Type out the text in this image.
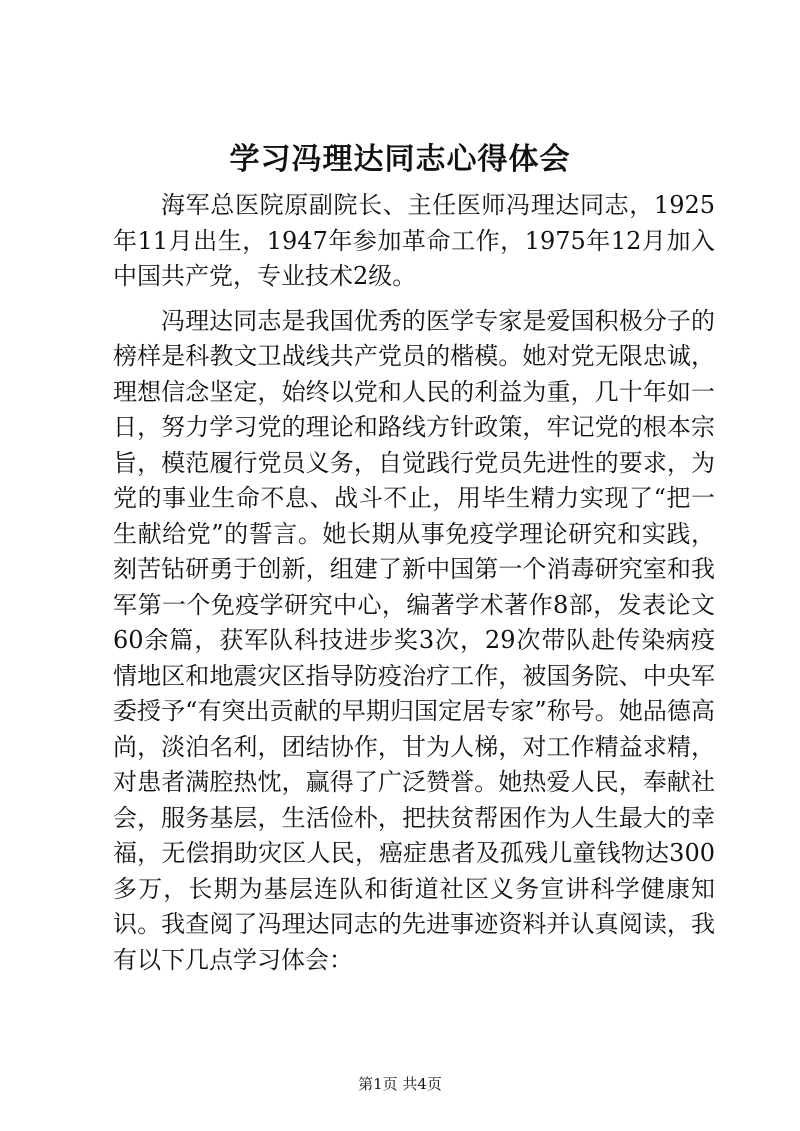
学习冯理达同志心得体会

海军总医院原副院长、主任医师冯理达同志，1925年11月出生，1947年参加革命工作，1975年12月加入中国共产党，专业技术2级。

冯理达同志是我国优秀的医学专家是爱国积极分子的榜样是科教文卫战线共产党员的楷模。她对党无限忠诚，理想信念坚定，始终以党和人民的利益为重，几十年如一日，努力学习党的理论和路线方针政策，牢记党的根本宗旨，模范履行党员义务，自觉践行党员先进性的要求，为党的事业生命不息、战斗不止，用毕生精力实现了“把一生献给党”的誓言。她长期从事免疫学理论研究和实践，刻苦钻研勇于创新，组建了新中国第一个消毒研究室和我军第一个免疫学研究中心，编著学术著作8部，发表论文60余篇，获军队科技进步奖3次，29次带队赴传染病疫情地区和地震灾区指导防疫治疗工作，被国务院、中央军委授予“有突出贡献的早期归国定居专家”称号。她品德高尚，淡泊名利，团结协作，甘为人梯，对工作精益求精，对患者满腔热忱，赢得了广泛赞誉。她热爱人民，奉献社会，服务基层，生活俭朴，把扶贫帮困作为人生最大的幸福，无偿捐助灾区人民，癌症患者及孤残儿童钱物达300多万，长期为基层连队和街道社区义务宣讲科学健康知识。我查阅了冯理达同志的先进事迹资料并认真阅读，我有以下几点学习体会：

第1页 共4页
